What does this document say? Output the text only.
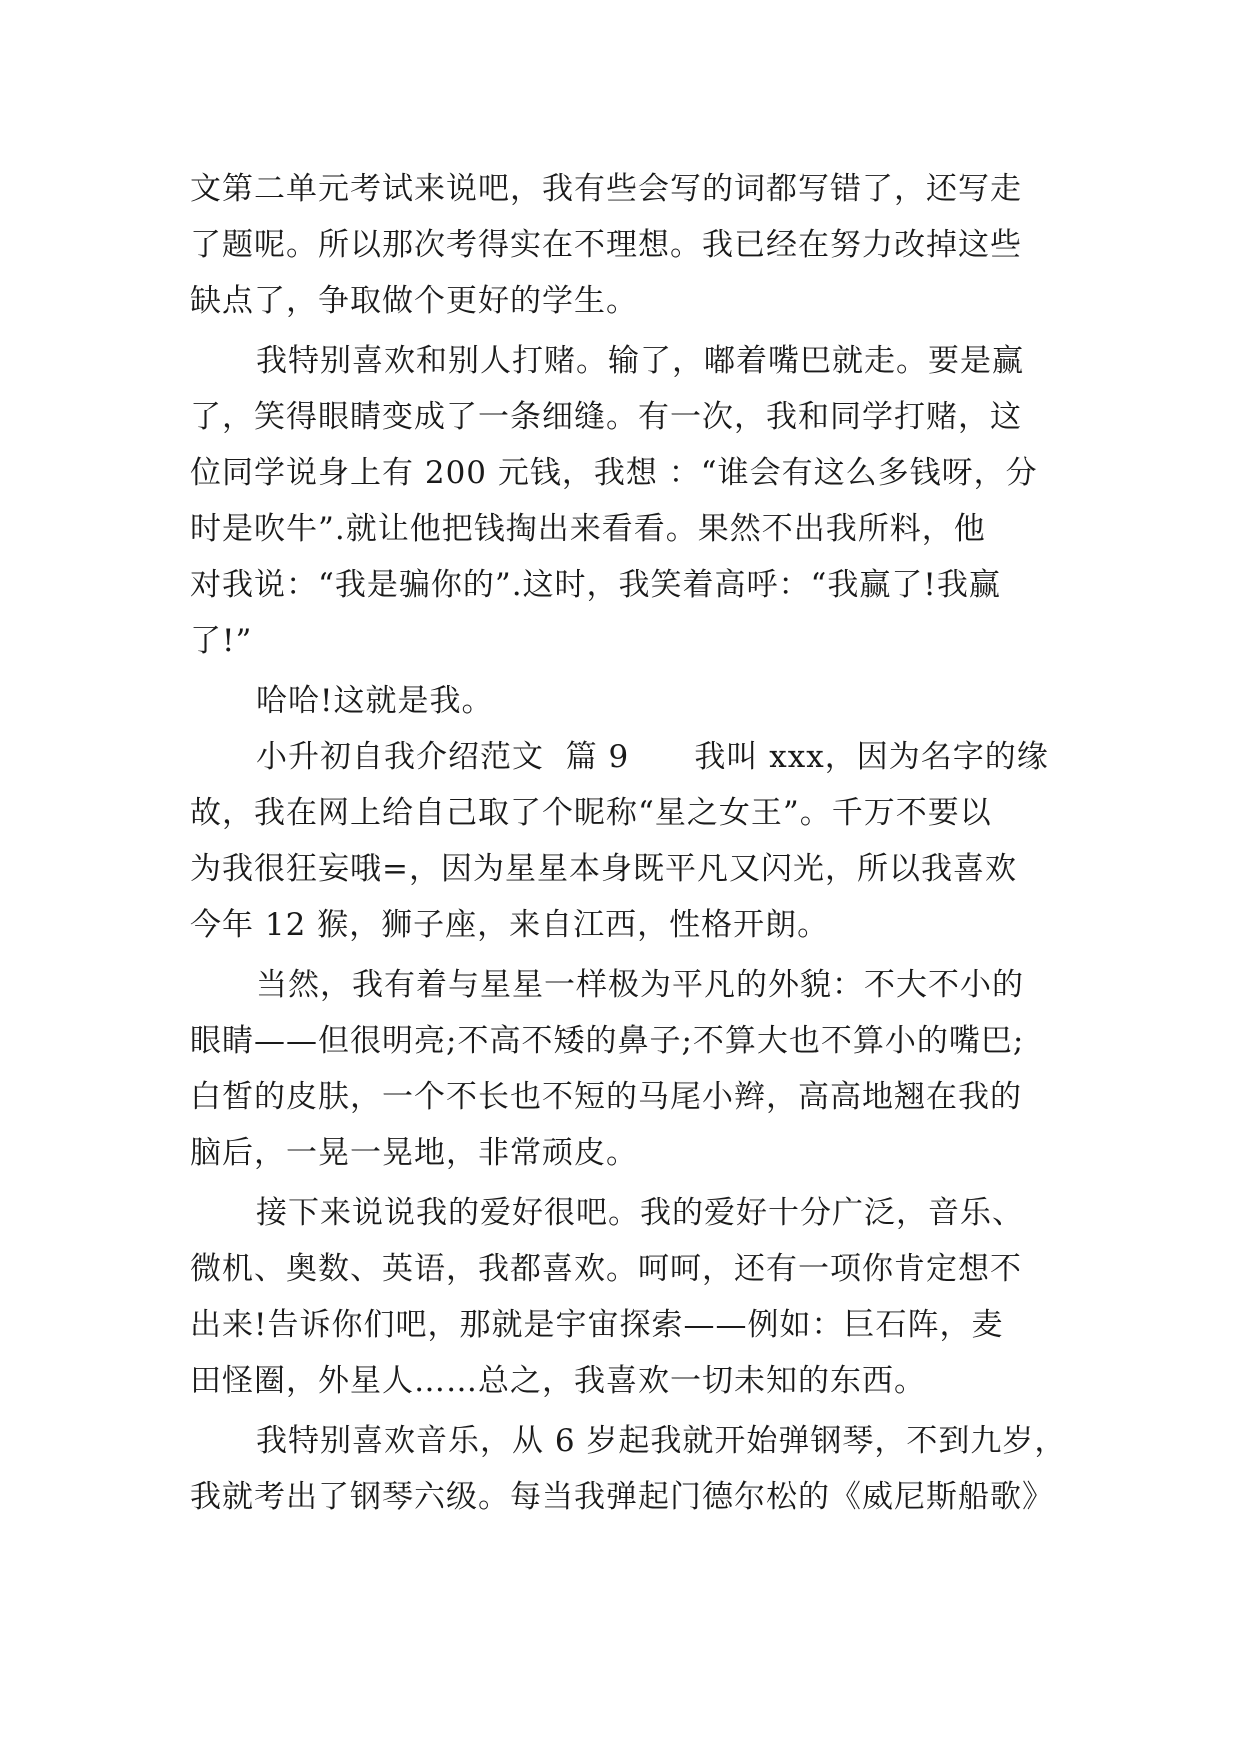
文第二单元考试来说吧，我有些会写的词都写错了，还写走
了题呢。所以那次考得实在不理想。我已经在努力改掉这些
缺点了，争取做个更好的学生。
我特别喜欢和别人打赌。输了，嘟着嘴巴就走。要是赢
了，笑得眼睛变成了一条细缝。有一次，我和同学打赌，这
位同学说身上有 200 元钱，我想 ：“谁会有这么多钱呀，分
时是吹牛”.就让他把钱掏出来看看。果然不出我所料，他
对我说：“我是骗你的”.这时，我笑着高呼：“我赢了!我赢
了!”
哈哈!这就是我。
小升初自我介绍范文  篇 9      我叫 xxx，因为名字的缘
故，我在网上给自己取了个昵称“星之女王”。千万不要以
为我很狂妄哦=，因为星星本身既平凡又闪光，所以我喜欢
今年 12 猴，狮子座，来自江西，性格开朗。
当然，我有着与星星一样极为平凡的外貌：不大不小的
眼睛——但很明亮;不高不矮的鼻子;不算大也不算小的嘴巴;
白皙的皮肤，一个不长也不短的马尾小辫，高高地翘在我的
脑后，一晃一晃地，非常顽皮。
接下来说说我的爱好很吧。我的爱好十分广泛，音乐、
微机、奥数、英语，我都喜欢。呵呵，还有一项你肯定想不
出来!告诉你们吧，那就是宇宙探索——例如：巨石阵，麦
田怪圈，外星人……总之，我喜欢一切未知的东西。
我特别喜欢音乐，从 6 岁起我就开始弹钢琴，不到九岁，
我就考出了钢琴六级。每当我弹起门德尔松的《威尼斯船歌》
